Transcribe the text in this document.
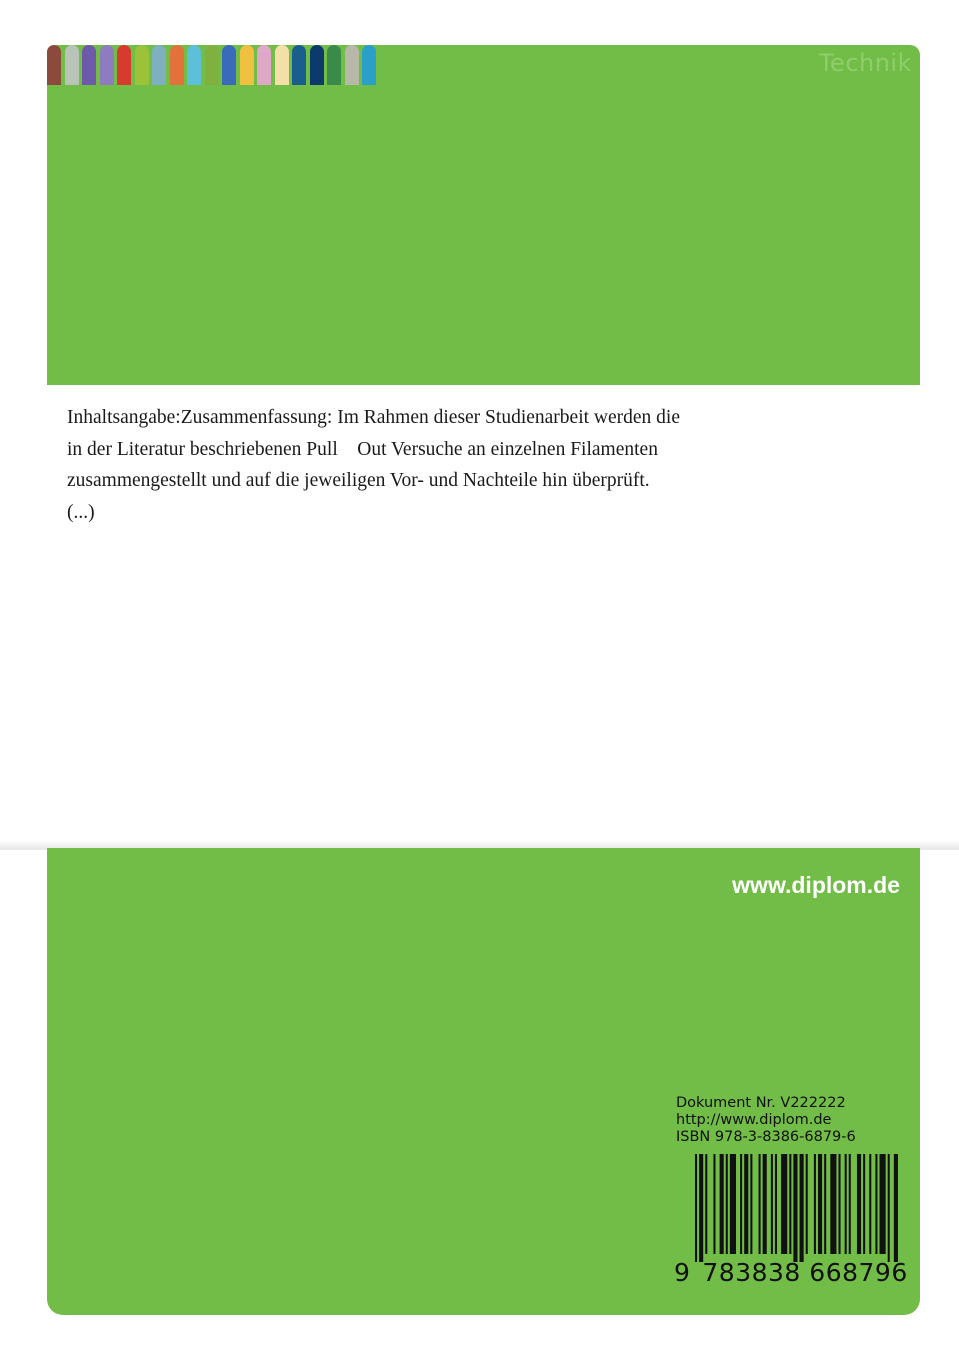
Technik

Inhaltsangabe:Zusammenfassung: Im Rahmen dieser Studienarbeit werden die

in der Literatur beschriebenen Pull    Out Versuche an einzelnen Filamenten

zusammengestellt und auf die jeweiligen Vor- und Nachteile hin überprüft.

(...)

www.diplom.de
Dokument Nr. V222222
http://www.diplom.de
ISBN 978-3-8386-6879-6
9 783838 668796
